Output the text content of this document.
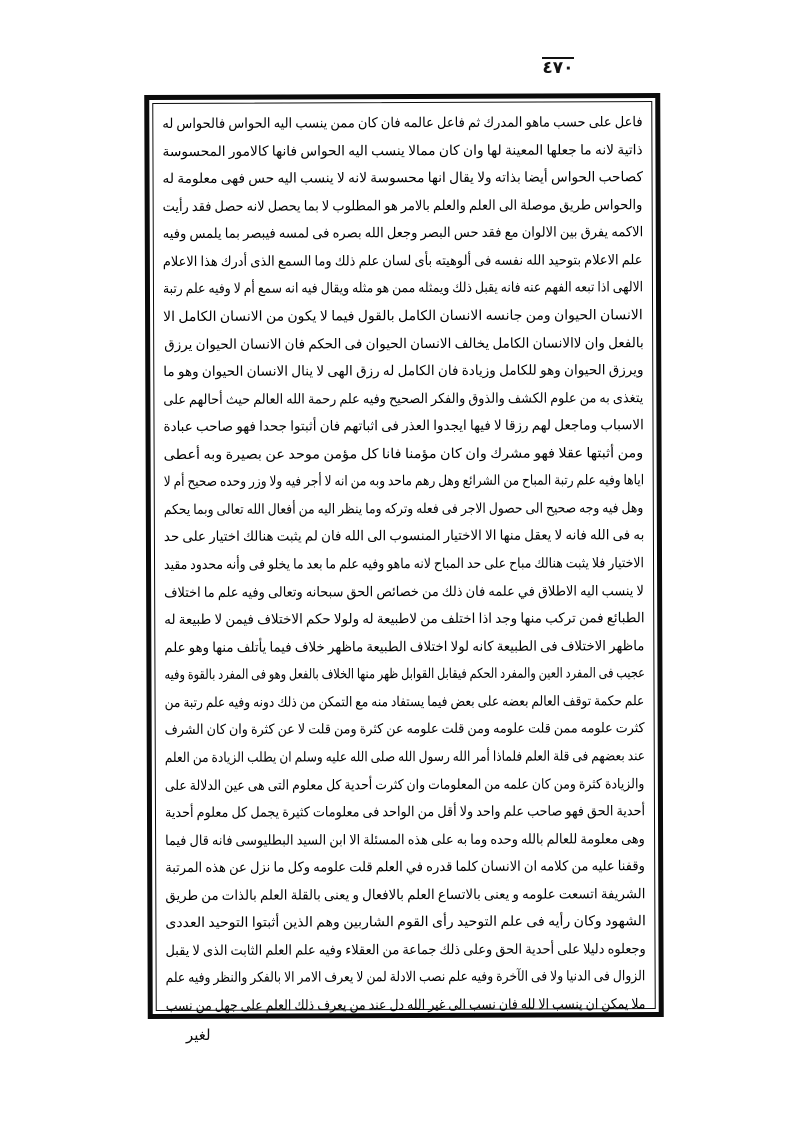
٤٧٠
فاعل على حسب ماهو المدرك ثم فاعل عالمه فان كان ممن ينسب اليه الحواس فالحواس له
ذاتية لانه ما جعلها المعينة لها وان كان ممالا ينسب اليه الحواس فانها كالامور المحسوسة
كصاحب الحواس أيضا بذاته ولا يقال انها محسوسة لانه لا ينسب اليه حس فهى معلومة له
والحواس طريق موصلة الى العلم والعلم بالامر هو المطلوب لا بما يحصل لانه حصل فقد رأيت
الاكمه يفرق بين الالوان مع فقد حس البصر وجعل الله بصره فى لمسه فيبصر بما يلمس وفيه
علم الاعلام بتوحيد الله نفسه فى ألوهيته بأى لسان علم ذلك وما السمع الذى أدرك هذا الاعلام
الالهى اذا تبعه الفهم عنه فانه يقبل ذلك ويمثله ممن هو مثله ويقال فيه انه سمع أم لا وفيه علم رتبة
الانسان الحيوان ومن جانسه الانسان الكامل بالقول فيما لا يكون من الانسان الكامل الا
بالفعل وان لاالانسان الكامل يخالف الانسان الحيوان فى الحكم فان الانسان الحيوان يرزق
ويرزق الحيوان وهو للكامل وزيادة فان الكامل له رزق الهى لا ينال الانسان الحيوان وهو ما
يتغذى به من علوم الكشف والذوق والفكر الصحيح وفيه علم رحمة الله العالم حيث أحالهم على
الاسباب وماجعل لهم رزقا لا فيها ايجدوا العذر فى اثباتهم فان أثبتوا جحدا فهو صاحب عبادة
ومن أثبتها عقلا فهو مشرك وان كان مؤمنا فانا كل مؤمن موحد عن بصيرة وبه أعطى
اياها وفيه علم رتبة المباح من الشرائع وهل رهم ماحد وبه من انه لا أجر فيه ولا وزر وحده صحيح أم لا
وهل فيه وجه صحيح الى حصول الاجر فى فعله وتركه وما ينظر اليه من أفعال الله تعالى وبما يحكم
به فى الله فانه لا يعقل منها الا الاختيار المنسوب الى الله فان لم يثبت هنالك اختيار على حد
الاختيار فلا يثبت هنالك مباح على حد المباح لانه ماهو وفيه علم ما بعد ما يخلو فى وأنه محدود مقيد
لا ينسب اليه الاطلاق في علمه فان ذلك من خصائص الحق سبحانه وتعالى وفيه علم ما اختلاف
الطبائع فمن تركب منها وجد اذا اختلف من لاطبيعة له ولولا حكم الاختلاف فيمن لا طبيعة له
ماظهر الاختلاف فى الطبيعة كانه لولا اختلاف الطبيعة ماظهر خلاف فيما يأتلف منها وهو علم
عجيب فى المفرد العين والمفرد الحكم فيقابل القوابل ظهر منها الخلاف بالفعل وهو فى المفرد بالقوة وفيه
علم حكمة توقف العالم بعضه على بعض فيما يستفاد منه مع التمكن من ذلك دونه وفيه علم رتبة من
كثرت علومه ممن قلت علومه ومن قلت علومه عن كثرة ومن قلت لا عن كثرة وان كان الشرف
عند بعضهم فى قلة العلم فلماذا أمر الله رسول الله صلى الله عليه وسلم ان يطلب الزيادة من العلم
والزيادة كثرة ومن كان علمه من المعلومات وان كثرت أحدية كل معلوم التى هى عين الدلالة على
أحدية الحق فهو صاحب علم واحد ولا أقل من الواحد فى معلومات كثيرة يجمل كل معلوم أحدية
وهى معلومة للعالم بالله وحده وما به على هذه المسئلة الا ابن السيد البطليوسى فانه قال فيما
وقفنا عليه من كلامه ان الانسان كلما قدره في العلم قلت علومه وكل ما نزل عن هذه المرتبة
الشريفة اتسعت علومه و يعنى بالاتساع العلم بالافعال و يعنى بالقلة العلم بالذات من طريق
الشهود وكان رأيه فى علم التوحيد رأى القوم الشاربين وهم الذين أثبتوا التوحيد العددى
وجعلوه دليلا على أحدية الحق وعلى ذلك جماعة من العقلاء وفيه علم العلم الثابت الذى لا يقبل
الزوال فى الدنيا ولا فى الآخرة وفيه علم نصب الادلة لمن لا يعرف الامر الا بالفكر والنظر وفيه علم
ملا يمكن ان ينسب الا لله فان نسب الى غير الله دل عند من يعرف ذلك العلم على جهل من نسب
لغير
